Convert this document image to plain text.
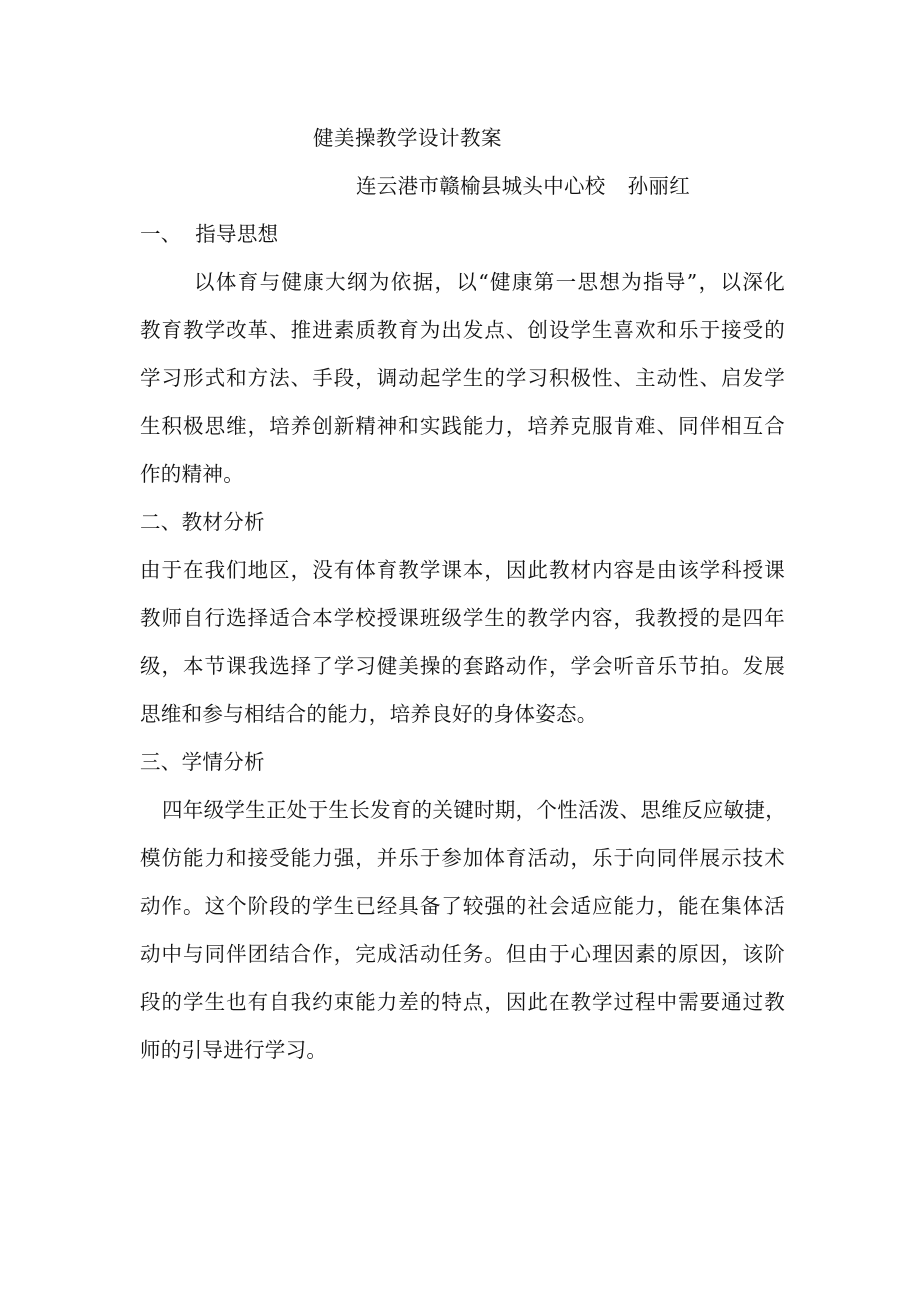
健美操教学设计教案
连云港市赣榆县城头中心校 孙丽红
一、  指导思想
以体育与健康大纲为依据，以“健康第一思想为指导”，以深化
教育教学改革、推进素质教育为出发点、创设学生喜欢和乐于接受的
学习形式和方法、手段，调动起学生的学习积极性、主动性、启发学
生积极思维，培养创新精神和实践能力，培养克服肯难、同伴相互合
作的精神。
二、教材分析
由于在我们地区，没有体育教学课本，因此教材内容是由该学科授课
教师自行选择适合本学校授课班级学生的教学内容，我教授的是四年
级，本节课我选择了学习健美操的套路动作，学会听音乐节拍。发展
思维和参与相结合的能力，培养良好的身体姿态。
三、学情分析
四年级学生正处于生长发育的关键时期，个性活泼、思维反应敏捷，
模仿能力和接受能力强，并乐于参加体育活动，乐于向同伴展示技术
动作。这个阶段的学生已经具备了较强的社会适应能力，能在集体活
动中与同伴团结合作，完成活动任务。但由于心理因素的原因，该阶
段的学生也有自我约束能力差的特点，因此在教学过程中需要通过教
师的引导进行学习。
